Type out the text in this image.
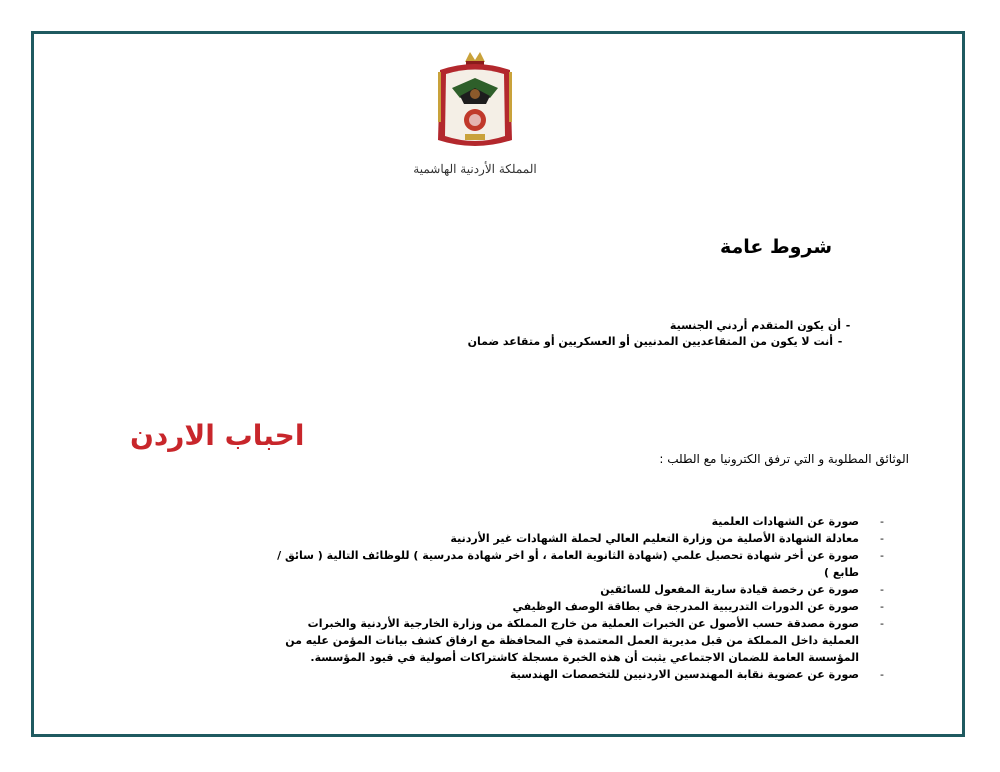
المملكة الأردنية الهاشمية
شروط عامة
-أن يكون المتقدم أردني الجنسية
-أنت لا يكون من المتقاعديين المدنيين أو العسكريين أو متقاعد ضمان
احباب الاردن
الوثائق المطلوبة و التي ترفق الكترونيا مع الطلب :
-
صورة عن الشهادات العلمية
-
معادلة الشهادة الأصلية من وزارة التعليم العالي لحملة الشهادات غير الأردنية
-
صورة عن أخر شهادة تحصيل علمي (شهادة الثانوية العامة ، أو اخر شهادة مدرسية ) للوظائف التالية ( سائق /طابع )
-
صورة عن رخصة قيادة سارية المفعول للسائقين
-
صورة عن الدورات التدريبية المدرجة في بطاقة الوصف الوظيفي
-
صورة مصدقة حسب الأصول عن الخبرات العملية من خارج المملكة من وزارة الخارجية الأردنية والخبرات العملية داخل المملكة من قبل مديرية العمل المعتمدة في المحافظة مع ارفاق كشف بيانات المؤمن عليه من المؤسسة العامة للضمان الاجتماعي يثبت أن هذه الخبرة مسجلة كاشتراكات أصولية في قيود المؤسسة.
-
صورة عن عضوية نقابة المهندسين الاردنيين للتخصصات الهندسية
